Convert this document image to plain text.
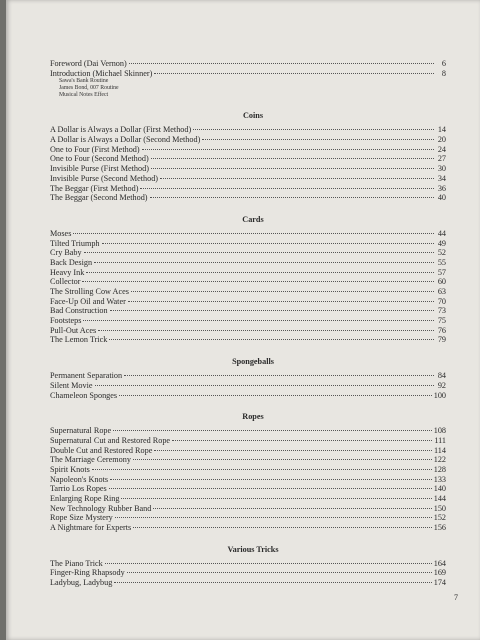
Foreword (Dai Vernon)	6
Introduction (Michael Skinner)	8
Sawa's Bank Routine
James Bond, 007 Routine
Musical Notes Effect
Coins
A Dollar is Always a Dollar (First Method)	14
A Dollar is Always a Dollar (Second Method)	20
One to Four (First Method)	24
One to Four (Second Method)	27
Invisible Purse (First Method)	30
Invisible Purse (Second Method)	34
The Beggar (First Method)	36
The Beggar (Second Method)	40
Cards
Moses	44
Tilted Triumph	49
Cry Baby	52
Back Design	55
Heavy Ink	57
Collector	60
The Strolling Cow Aces	63
Face-Up Oil and Water	70
Bad Construction	73
Footsteps	75
Pull-Out Aces	76
The Lemon Trick	79
Spongeballs
Permanent Separation	84
Silent Movie	92
Chameleon Sponges	100
Ropes
Supernatural Rope	108
Supernatural Cut and Restored Rope	111
Double Cut and Restored Rope	114
The Marriage Ceremony	122
Spirit Knots	128
Napoleon's Knots	133
Tarrio Los Ropes	140
Enlarging Rope Ring	144
New Technology Rubber Band	150
Rope Size Mystery	152
A Nightmare for Experts	156
Various Tricks
The Piano Trick	164
Finger-Ring Rhapsody	169
Ladybug, Ladybug	174
7
